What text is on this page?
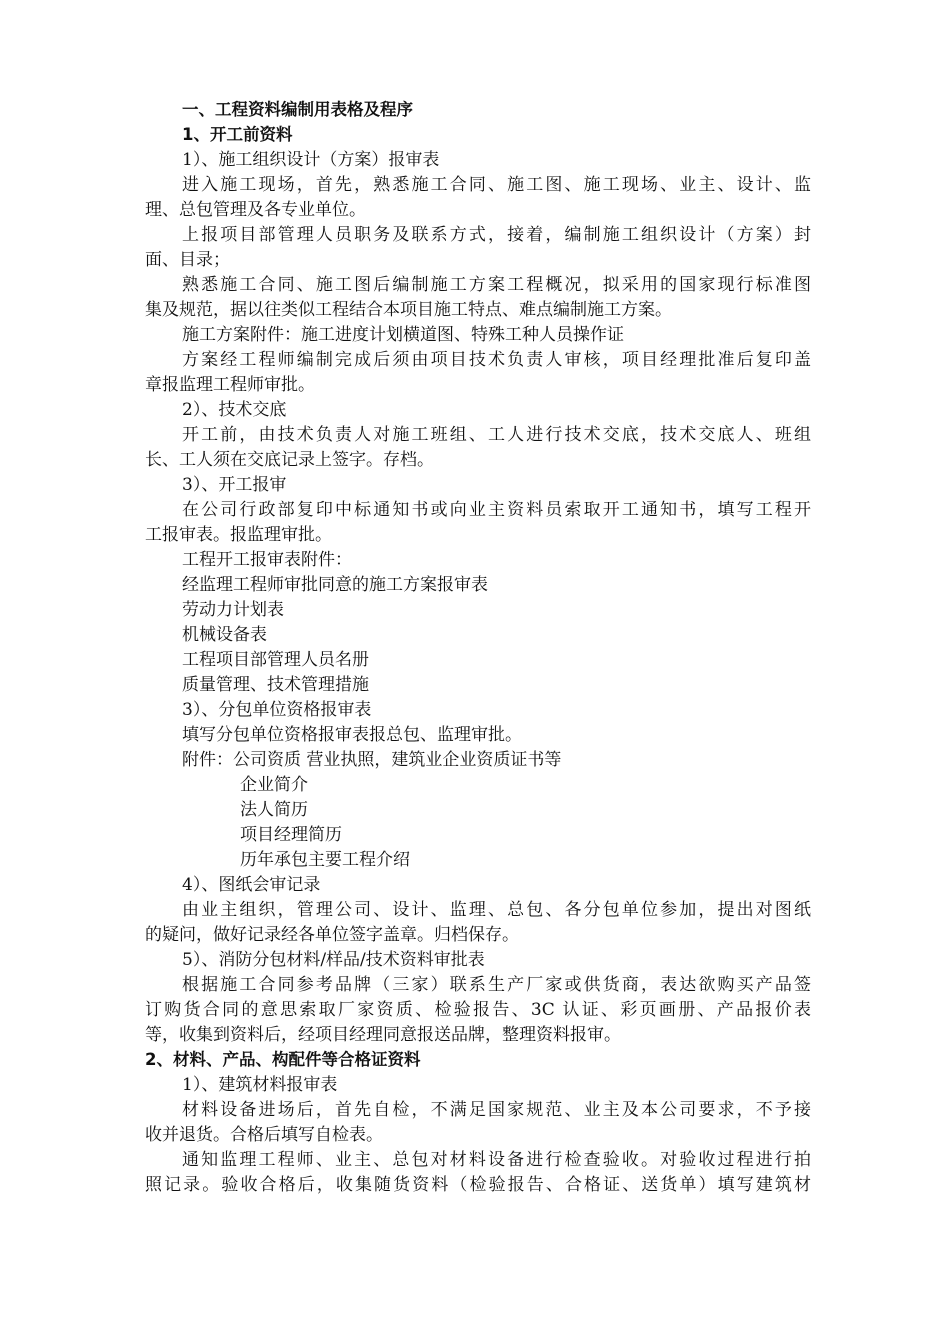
一、工程资料编制用表格及程序
1、开工前资料
1）、施工组织设计（方案）报审表
进入施工现场，首先，熟悉施工合同、施工图、施工现场、业主、设计、监
理、总包管理及各专业单位。
上报项目部管理人员职务及联系方式，接着，编制施工组织设计（方案）封
面、目录；
熟悉施工合同、施工图后编制施工方案工程概况，拟采用的国家现行标准图
集及规范，据以往类似工程结合本项目施工特点、难点编制施工方案。
施工方案附件：施工进度计划横道图、特殊工种人员操作证
方案经工程师编制完成后须由项目技术负责人审核，项目经理批准后复印盖
章报监理工程师审批。
2）、技术交底
开工前，由技术负责人对施工班组、工人进行技术交底，技术交底人、班组
长、工人须在交底记录上签字。存档。
3）、开工报审
在公司行政部复印中标通知书或向业主资料员索取开工通知书，填写工程开
工报审表。报监理审批。
工程开工报审表附件：
经监理工程师审批同意的施工方案报审表
劳动力计划表
机械设备表
工程项目部管理人员名册
质量管理、技术管理措施
3）、分包单位资格报审表
填写分包单位资格报审表报总包、监理审批。
附件：公司资质 营业执照，建筑业企业资质证书等
企业简介
法人简历
项目经理简历
历年承包主要工程介绍
4）、图纸会审记录
由业主组织，管理公司、设计、监理、总包、各分包单位参加，提出对图纸
的疑问，做好记录经各单位签字盖章。归档保存。
5）、消防分包材料/样品/技术资料审批表
根据施工合同参考品牌（三家）联系生产厂家或供货商，表达欲购买产品签
订购货合同的意思索取厂家资质、检验报告、3C 认证、彩页画册、产品报价表
等，收集到资料后，经项目经理同意报送品牌，整理资料报审。
2、材料、产品、构配件等合格证资料
1）、建筑材料报审表
材料设备进场后，首先自检，不满足国家规范、业主及本公司要求，不予接
收并退货。合格后填写自检表。
通知监理工程师、业主、总包对材料设备进行检查验收。对验收过程进行拍
照记录。验收合格后，收集随货资料（检验报告、合格证、送货单）填写建筑材
